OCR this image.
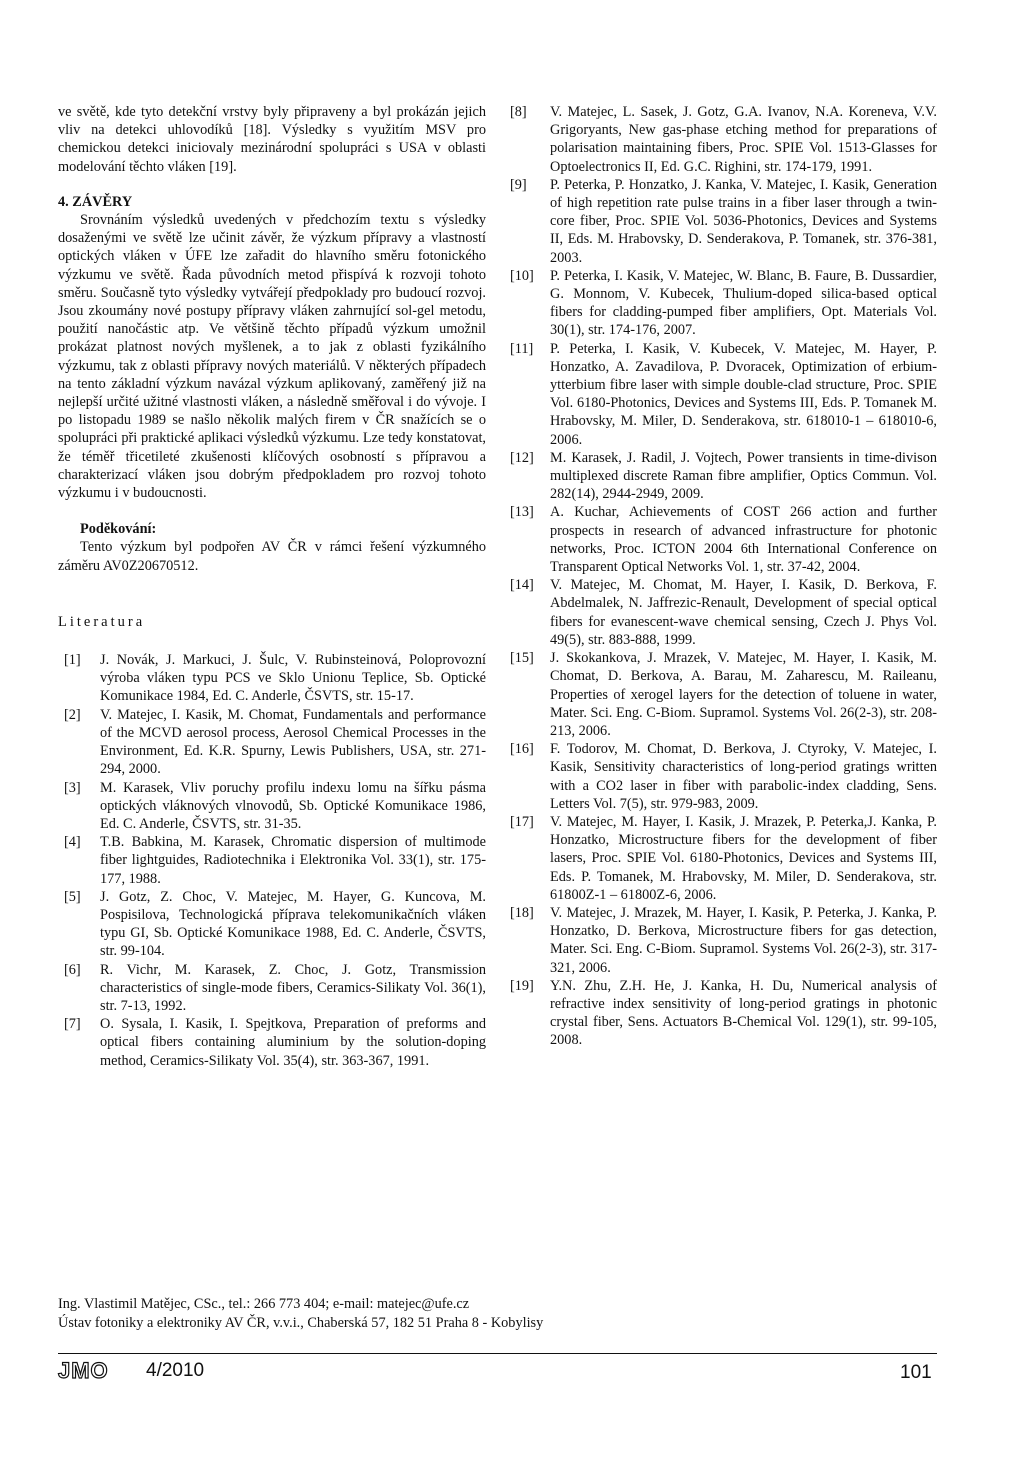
ve světě, kde tyto detekční vrstvy byly připraveny a byl prokázán jejich vliv na detekci uhlovodíků [18]. Výsledky s využitím MSV pro chemickou detekci iniciovaly mezinárodní spolupráci s USA v oblasti modelování těchto vláken [19].

4. ZÁVĚRY

Srovnáním výsledků uvedených v předchozím textu s výsledky dosaženými ve světě lze učinit závěr, že výzkum přípravy a vlastností optických vláken v ÚFE lze zařadit do hlavního směru fotonického výzkumu ve světě. Řada původních metod přispívá k rozvoji tohoto směru. Současně tyto výsledky vytvářejí předpoklady pro budoucí rozvoj. Jsou zkoumány nové postupy přípravy vláken zahrnující sol-gel metodu, použití nanočástic atp. Ve většině těchto případů výzkum umožnil prokázat platnost nových myšlenek, a to jak z oblasti fyzikálního výzkumu, tak z oblasti přípravy nových materiálů. V některých případech na tento základní výzkum navázal výzkum aplikovaný, zaměřený již na nejlepší určité užitné vlastnosti vláken, a následně směřoval i do vývoje. I po listopadu 1989 se našlo několik malých firem v ČR snažících se o spolupráci při praktické aplikaci výsledků výzkumu. Lze tedy konstatovat, že téměř třicetileté zkušenosti klíčových osobností s přípravou a charakterizací vláken jsou dobrým předpokladem pro rozvoj tohoto výzkumu i v budoucnosti.

Poděkování:

Tento výzkum byl podpořen AV ČR v rámci řešení výzkumného záměru AV0Z20670512.

Literatura

[1]	J. Novák, J. Markuci, J. Šulc, V. Rubinsteinová, Poloprovozní výroba vláken typu PCS ve Sklo Unionu Teplice, Sb. Optické Komunikace 1984, Ed. C. Anderle, ČSVTS, str. 15-17.
[2]	V. Matejec, I. Kasik, M. Chomat, Fundamentals and performance of the MCVD aerosol process, Aerosol Chemical Processes in the Environment, Ed. K.R. Spurny, Lewis Publishers, USA, str. 271-294, 2000.
[3]	M. Karasek, Vliv poruchy profilu indexu lomu na šířku pásma optických vláknových vlnovodů, Sb. Optické Komunikace 1986, Ed. C. Anderle, ČSVTS, str. 31-35.
[4]	T.B. Babkina, M. Karasek, Chromatic dispersion of multimode fiber lightguides, Radiotechnika i Elektronika Vol. 33(1), str. 175-177, 1988.
[5]	J. Gotz, Z. Choc, V. Matejec, M. Hayer, G. Kuncova, M. Pospisilova, Technologická příprava telekomunikačních vláken typu GI, Sb. Optické Komunikace 1988, Ed. C. Anderle, ČSVTS, str. 99-104.
[6]	R. Vichr, M. Karasek, Z. Choc, J. Gotz, Transmission characteristics of single-mode fibers, Ceramics-Silikaty Vol. 36(1), str. 7-13, 1992.
[7]	O. Sysala, I. Kasik, I. Spejtkova, Preparation of preforms and optical fibers containing aluminium by the solution-doping method, Ceramics-Silikaty Vol. 35(4), str. 363-367, 1991.
[8]	V. Matejec, L. Sasek, J. Gotz, G.A. Ivanov, N.A. Koreneva, V.V. Grigoryants, New gas-phase etching method for preparations of polarisation maintaining fibers, Proc. SPIE Vol. 1513-Glasses for Optoelectronics II, Ed. G.C. Righini, str. 174-179, 1991.
[9]	P. Peterka, P. Honzatko, J. Kanka, V. Matejec, I. Kasik, Generation of high repetition rate pulse trains in a fiber laser through a twin-core fiber, Proc. SPIE Vol. 5036-Photonics, Devices and Systems II, Eds. M. Hrabovsky, D. Senderakova, P. Tomanek, str. 376-381, 2003.
[10]	P. Peterka, I. Kasik, V. Matejec, W. Blanc, B. Faure, B. Dussardier, G. Monnom, V. Kubecek, Thulium-doped silica-based optical fibers for cladding-pumped fiber amplifiers, Opt. Materials Vol. 30(1), str. 174-176, 2007.
[11]	P. Peterka, I. Kasik, V. Kubecek, V. Matejec, M. Hayer, P. Honzatko, A. Zavadilova, P. Dvoracek, Optimization of erbium-ytterbium fibre laser with simple double-clad structure, Proc. SPIE Vol. 6180-Photonics, Devices and Systems III, Eds. P. Tomanek M. Hrabovsky, M. Miler, D. Senderakova, str. 618010-1 – 618010-6, 2006.
[12]	M. Karasek, J. Radil, J. Vojtech, Power transients in time-divison multiplexed discrete Raman fibre amplifier, Optics Commun. Vol. 282(14), 2944-2949, 2009.
[13]	A. Kuchar, Achievements of COST 266 action and further prospects in research of advanced infrastructure for photonic networks, Proc. ICTON 2004 6th International Conference on Transparent Optical Networks Vol. 1, str. 37-42, 2004.
[14]	V. Matejec, M. Chomat, M. Hayer, I. Kasik, D. Berkova, F. Abdelmalek, N. Jaffrezic-Renault, Development of special optical fibers for evanescent-wave chemical sensing, Czech J. Phys Vol. 49(5), str. 883-888, 1999.
[15]	J. Skokankova, J. Mrazek, V. Matejec, M. Hayer, I. Kasik, M. Chomat, D. Berkova, A. Barau, M. Zaharescu, M. Raileanu, Properties of xerogel layers for the detection of toluene in water, Mater. Sci. Eng. C-Biom. Supramol. Systems Vol. 26(2-3), str. 208-213, 2006.
[16]	F. Todorov, M. Chomat, D. Berkova, J. Ctyroky, V. Matejec, I. Kasik, Sensitivity characteristics of long-period gratings written with a CO2 laser in fiber with parabolic-index cladding, Sens. Letters Vol. 7(5), str. 979-983, 2009.
[17]	V. Matejec, M. Hayer, I. Kasik, J. Mrazek, P. Peterka,J. Kanka, P. Honzatko, Microstructure fibers for the development of fiber lasers, Proc. SPIE Vol. 6180-Photonics, Devices and Systems III, Eds. P. Tomanek, M. Hrabovsky, M. Miler, D. Senderakova, str. 61800Z-1 – 61800Z-6, 2006.
[18]	V. Matejec, J. Mrazek, M. Hayer, I. Kasik, P. Peterka, J. Kanka, P. Honzatko, D. Berkova, Microstructure fibers for gas detection, Mater. Sci. Eng. C-Biom. Supramol. Systems Vol. 26(2-3), str. 317-321, 2006.
[19]	Y.N. Zhu, Z.H. He, J. Kanka, H. Du, Numerical analysis of refractive index sensitivity of long-period gratings in photonic crystal fiber, Sens. Actuators B-Chemical Vol. 129(1), str. 99-105, 2008.
Ing. Vlastimil Matějec, CSc., tel.: 266 773 404; e-mail: matejec@ufe.cz
Ústav fotoniky a elektroniky AV ČR, v.v.i., Chaberská 57, 182 51 Praha 8 - Kobylisy
JMO 4/2010	101
